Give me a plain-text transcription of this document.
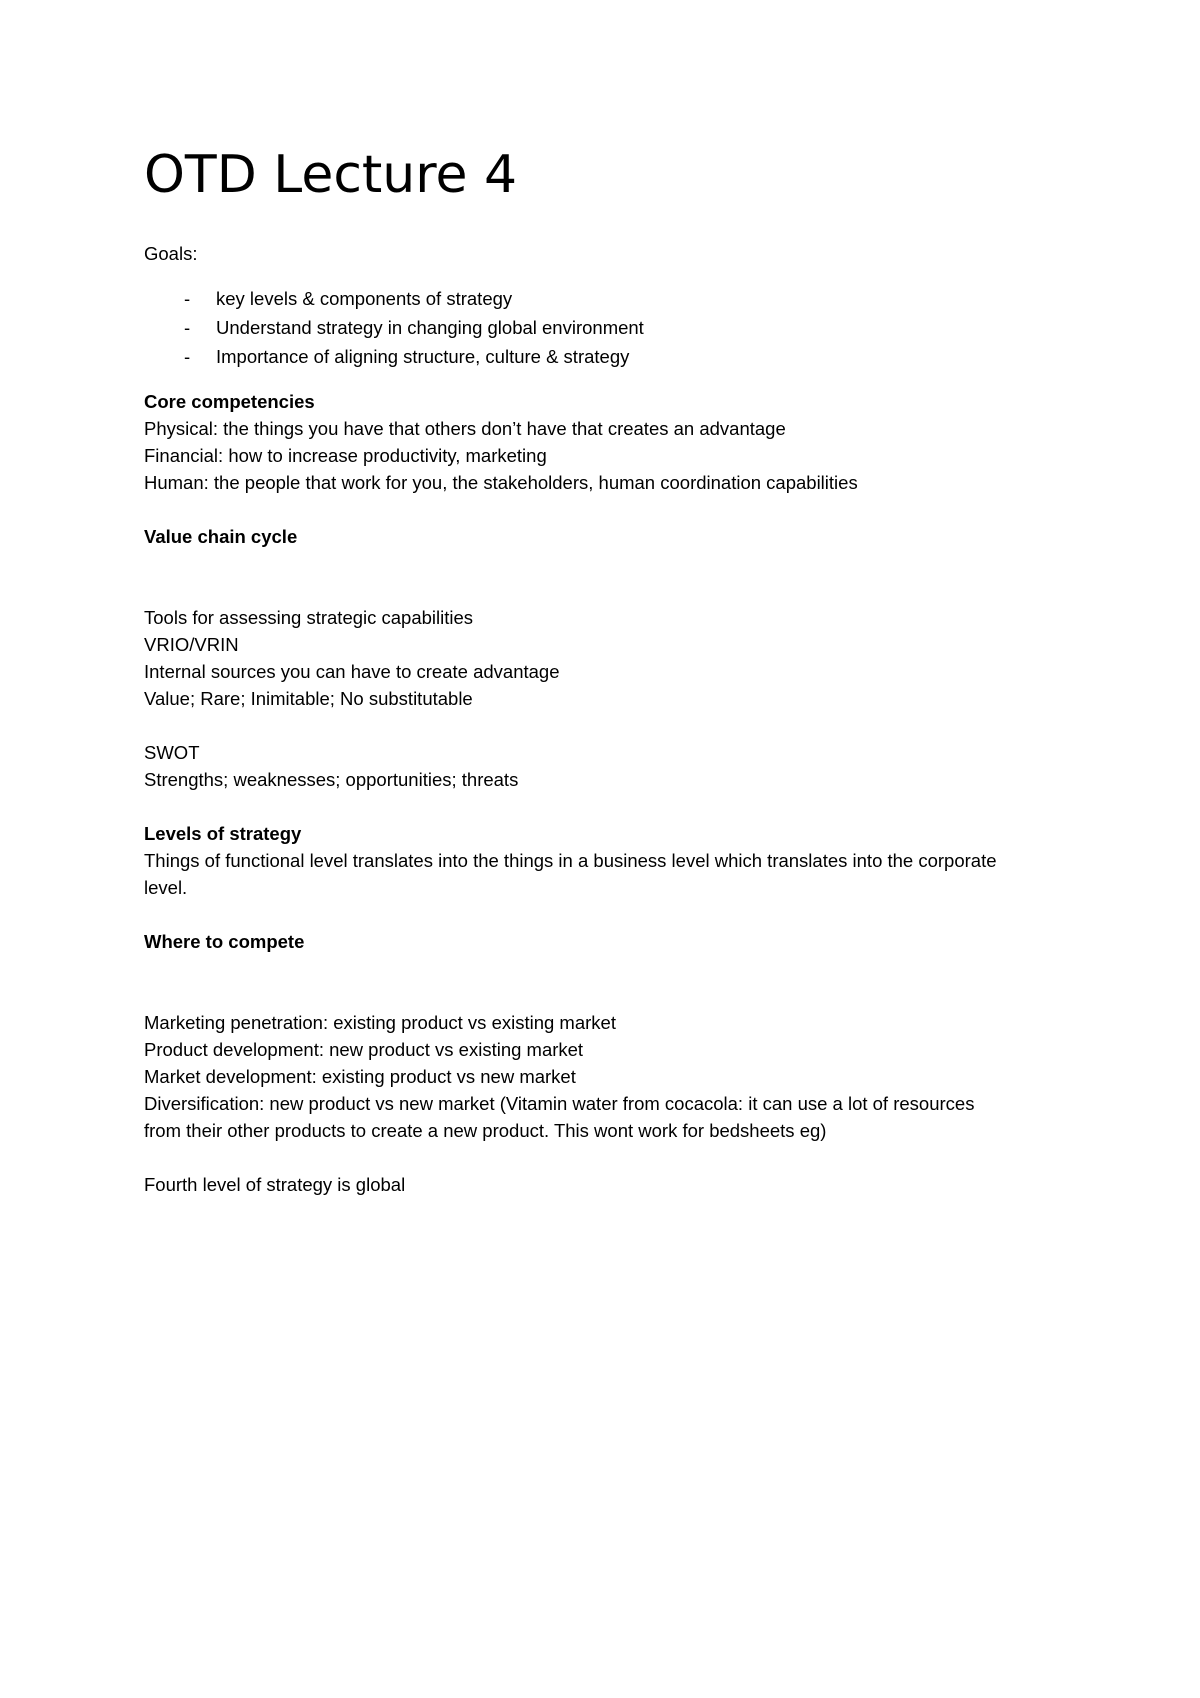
OTD Lecture 4
Goals:
- key levels & components of strategy
- Understand strategy in changing global environment
- Importance of aligning structure, culture & strategy
Core competencies
Physical: the things you have that others don’t have that creates an advantage
Financial: how to increase productivity, marketing
Human: the people that work for you, the stakeholders, human coordination capabilities
Value chain cycle
Tools for assessing strategic capabilities
VRIO/VRIN
Internal sources you can have to create advantage
Value; Rare; Inimitable; No substitutable
SWOT
Strengths; weaknesses; opportunities; threats
Levels of strategy
Things of functional level translates into the things in a business level which translates into the corporate level.
Where to compete
Marketing penetration: existing product vs existing market
Product development: new product vs existing market
Market development: existing product vs new market
Diversification: new product vs new market (Vitamin water from cocacola: it can use a lot of resources from their other products to create a new product. This wont work for bedsheets eg)
Fourth level of strategy is global
